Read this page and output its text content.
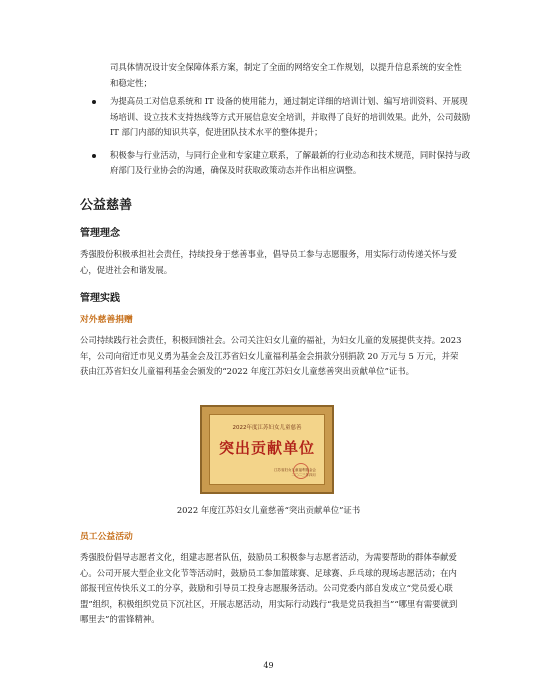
司具体情况设计安全保障体系方案，制定了全面的网络安全工作规划，以提升信息系统的安全性和稳定性；
为提高员工对信息系统和 IT 设备的使用能力，通过制定详细的培训计划、编写培训资料、开展现场培训、设立技术支持热线等方式开展信息安全培训，并取得了良好的培训效果。此外，公司鼓励 IT 部门内部的知识共享，促进团队技术水平的整体提升；
积极参与行业活动，与同行企业和专家建立联系，了解最新的行业动态和技术规范，同时保持与政府部门及行业协会的沟通，确保及时获取政策动态并作出相应调整。
公益慈善
管理理念
秀强股份积极承担社会责任，持续投身于慈善事业，倡导员工参与志愿服务，用实际行动传递关怀与爱心，促进社会和谐发展。
管理实践
对外慈善捐赠
公司持续践行社会责任，积极回馈社会。公司关注妇女儿童的福祉，为妇女儿童的发展提供支持。2023 年，公司向宿迁市见义勇为基金会及江苏省妇女儿童福利基金会捐款分别捐款 20 万元与 5 万元，并荣获由江苏省妇女儿童福利基金会颁发的“2022 年度江苏妇女儿童慈善突出贡献单位”证书。
2022年度江苏妇女儿童慈善
突出贡献单位
江苏省妇女儿童福利基金会 二〇二三年四月
2022 年度江苏妇女儿童慈善“突出贡献单位”证书
员工公益活动
秀强股份倡导志愿者文化，组建志愿者队伍，鼓励员工积极参与志愿者活动，为需要帮助的群体奉献爱心。公司开展大型企业文化节等活动时，鼓励员工参加篮球赛、足球赛、乒乓球的现场志愿活动；在内部报刊宣传快乐义工的分享，鼓励和引导员工投身志愿服务活动。公司党委内部自发成立“党员爱心联盟”组织，积极组织党员下沉社区，开展志愿活动，用实际行动践行“我是党员我担当”“哪里有需要就到哪里去”的雷锋精神。
49
